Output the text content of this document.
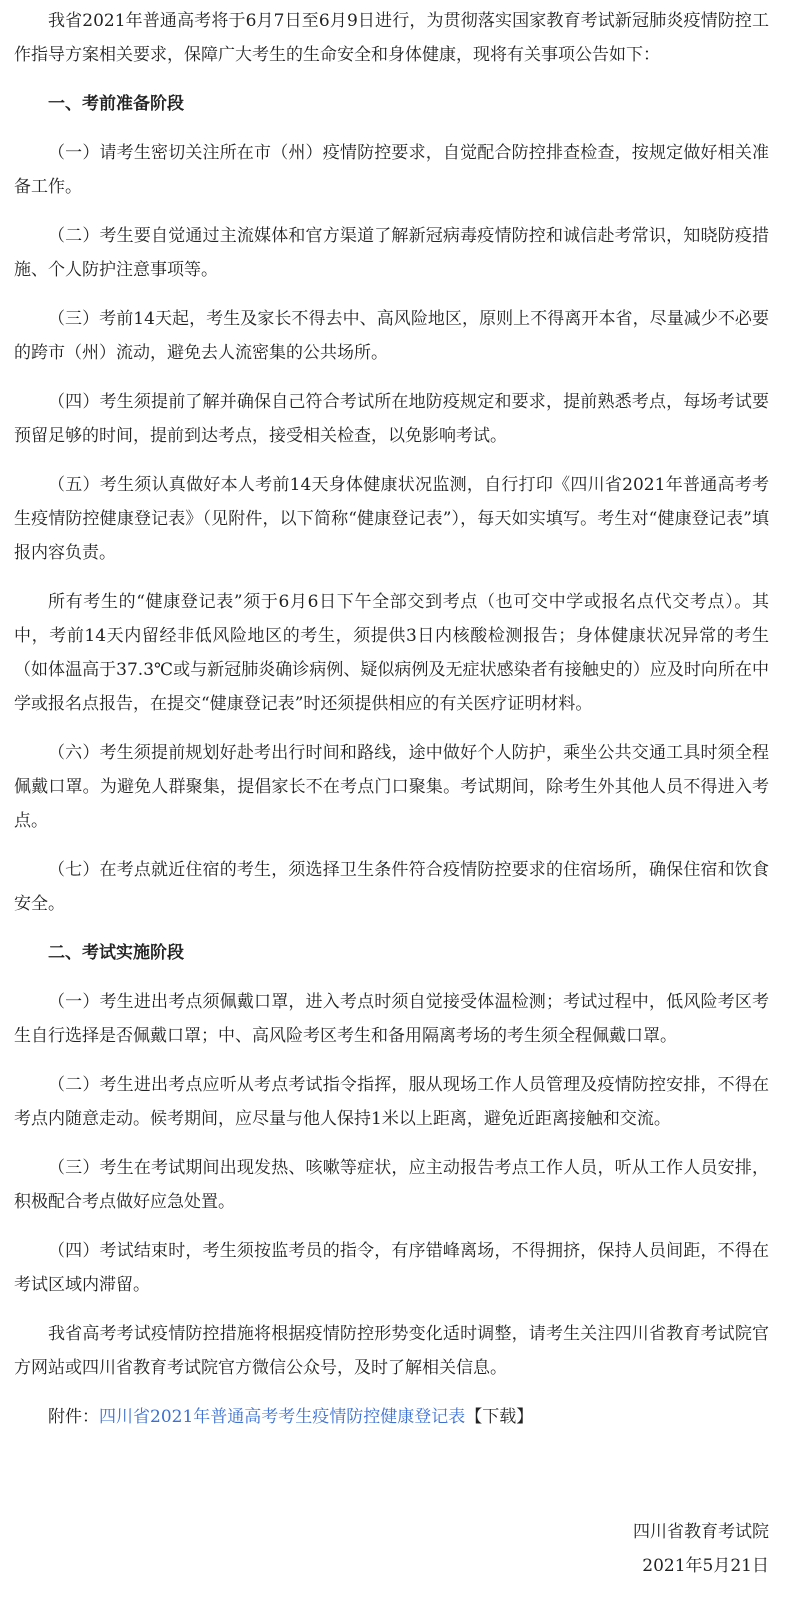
我省2021年普通高考将于6月7日至6月9日进行，为贯彻落实国家教育考试新冠肺炎疫情防控工作指导方案相关要求，保障广大考生的生命安全和身体健康，现将有关事项公告如下：

一、考前准备阶段

（一）请考生密切关注所在市（州）疫情防控要求，自觉配合防控排查检查，按规定做好相关准备工作。

（二）考生要自觉通过主流媒体和官方渠道了解新冠病毒疫情防控和诚信赴考常识，知晓防疫措施、个人防护注意事项等。

（三）考前14天起，考生及家长不得去中、高风险地区，原则上不得离开本省，尽量减少不必要的跨市（州）流动，避免去人流密集的公共场所。

（四）考生须提前了解并确保自己符合考试所在地防疫规定和要求，提前熟悉考点，每场考试要预留足够的时间，提前到达考点，接受相关检查，以免影响考试。

（五）考生须认真做好本人考前14天身体健康状况监测，自行打印《四川省2021年普通高考考生疫情防控健康登记表》（见附件，以下简称“健康登记表”），每天如实填写。考生对“健康登记表”填报内容负责。

所有考生的“健康登记表”须于6月6日下午全部交到考点（也可交中学或报名点代交考点）。其中，考前14天内留经非低风险地区的考生，须提供3日内核酸检测报告；身体健康状况异常的考生（如体温高于37.3℃或与新冠肺炎确诊病例、疑似病例及无症状感染者有接触史的）应及时向所在中学或报名点报告，在提交“健康登记表”时还须提供相应的有关医疗证明材料。

（六）考生须提前规划好赴考出行时间和路线，途中做好个人防护，乘坐公共交通工具时须全程佩戴口罩。为避免人群聚集，提倡家长不在考点门口聚集。考试期间，除考生外其他人员不得进入考点。

（七）在考点就近住宿的考生，须选择卫生条件符合疫情防控要求的住宿场所，确保住宿和饮食安全。

二、考试实施阶段

（一）考生进出考点须佩戴口罩，进入考点时须自觉接受体温检测；考试过程中，低风险考区考生自行选择是否佩戴口罩；中、高风险考区考生和备用隔离考场的考生须全程佩戴口罩。

（二）考生进出考点应听从考点考试指令指挥，服从现场工作人员管理及疫情防控安排，不得在考点内随意走动。候考期间，应尽量与他人保持1米以上距离，避免近距离接触和交流。

（三）考生在考试期间出现发热、咳嗽等症状，应主动报告考点工作人员，听从工作人员安排，积极配合考点做好应急处置。

（四）考试结束时，考生须按监考员的指令，有序错峰离场，不得拥挤，保持人员间距，不得在考试区域内滞留。

我省高考考试疫情防控措施将根据疫情防控形势变化适时调整，请考生关注四川省教育考试院官方网站或四川省教育考试院官方微信公众号，及时了解相关信息。

附件：四川省2021年普通高考考生疫情防控健康登记表【下载】

四川省教育考试院
2021年5月21日
